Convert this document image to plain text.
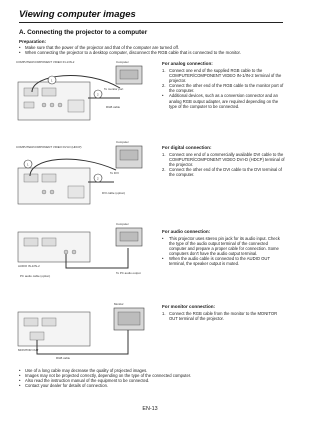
Viewing computer images
A. Connecting the projector to a computer
Preparation:
• Make sure that the power of the projector and that of the computer are turned off.
• When connecting the projector to a desktop computer, disconnect the RGB cable that is connected to the monitor.
1
2
Computer
COMPUTER/COMPONENT VIDEO IN-1/IN-2
To monitor port
RGB cable
For analog connection:
1. Connect one end of the supplied RGB cable to the COMPUTER/COMPONENT VIDEO IN-1/IN-2 terminal of the projector.
2. Connect the other end of the RGB cable to the monitor port of the computer.
• Additional devices, such as a conversion connector and an analog RGB output adapter, are required depending on the type of the computer to be connected.
1
2
Computer
COMPUTER/COMPONENT VIDEO DVI-D (HDCP)
To DVI
DVI cable (option)
For digital connection:
1. Connect one end of a commercially available DVI cable to the COMPUTER/COMPONENT VIDEO DVI-D (HDCP) terminal of the projector.
2. Connect the other end of the DVI cable to the DVI terminal of the computer.
Computer
AUDIO IN-1/IN-2
PC audio cable (option)
To PC audio output
For audio connection:
• This projector uses stereo pin jack for its audio input. Check the type of the audio output terminal of the connected computer and prepare a proper cable for connection. Some computers don't have the audio output terminal.
• When the audio cable is connected to the AUDIO OUT terminal, the speaker output is muted.
Monitor
MONITOR OUT
RGB cable
For monitor connection:
1. Connect the RGB cable from the monitor to the MONITOR OUT terminal of the projector.
• Use of a long cable may decrease the quality of projected images.
• Images may not be projected correctly, depending on the type of the connected computer.
• Also read the instruction manual of the equipment to be connected.
• Contact your dealer for details of connection.
EN-13
